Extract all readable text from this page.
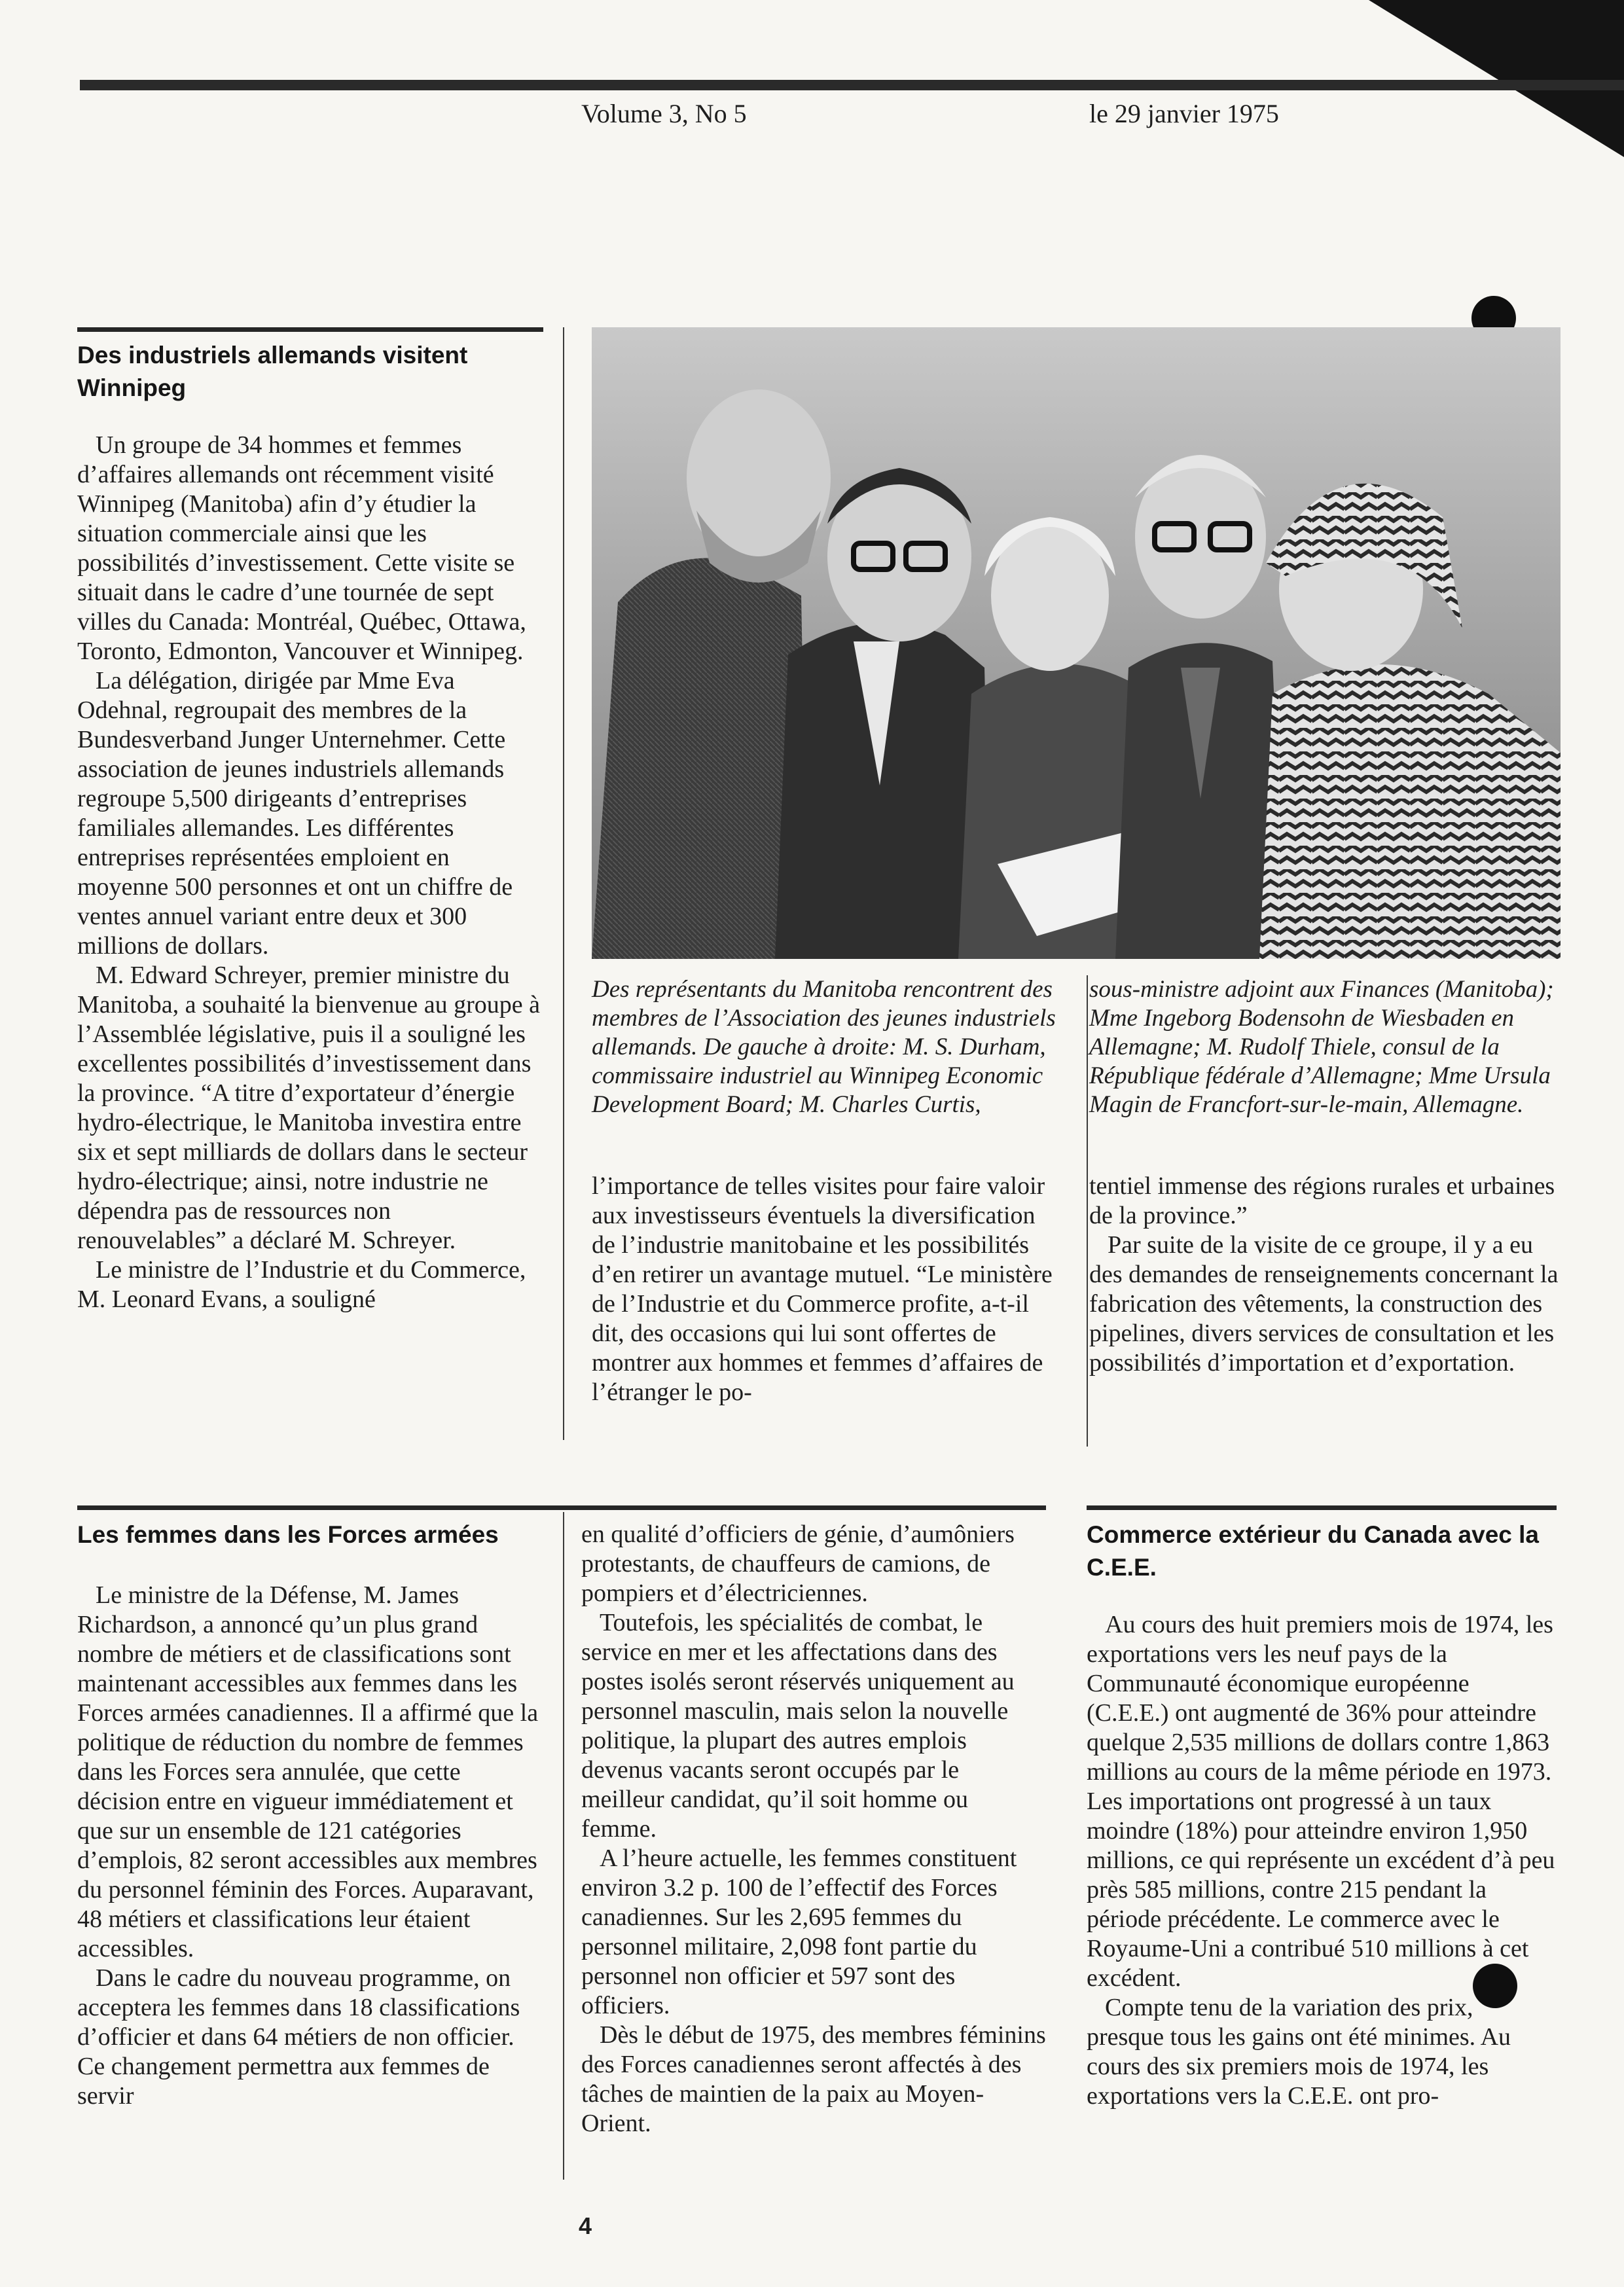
Volume 3, No 5	le 29 janvier 1975
Des industriels allemands visitent Winnipeg

Un groupe de 34 hommes et femmes d’affaires allemands ont récemment visité Winnipeg (Manitoba) afin d’y étudier la situation commerciale ainsi que les possibilités d’investissement. Cette visite se situait dans le cadre d’une tournée de sept villes du Canada: Montréal, Québec, Ottawa, Toronto, Edmonton, Vancouver et Winnipeg.

La délégation, dirigée par Mme Eva Odehnal, regroupait des membres de la Bundesverband Junger Unternehmer. Cette association de jeunes industriels allemands regroupe 5,500 dirigeants d’entreprises familiales allemandes. Les différentes entreprises représentées emploient en moyenne 500 personnes et ont un chiffre de ventes annuel variant entre deux et 300 millions de dollars.

M. Edward Schreyer, premier ministre du Manitoba, a souhaité la bienvenue au groupe à l’Assemblée législative, puis il a souligné les excellentes possibilités d’investissement dans la province. “A titre d’exportateur d’énergie hydro-électrique, le Manitoba investira entre six et sept milliards de dollars dans le secteur hydro-électrique; ainsi, notre industrie ne dépendra pas de ressources non renouvelables” a déclaré M. Schreyer.

Le ministre de l’Industrie et du Commerce, M. Leonard Evans, a souligné

Des représentants du Manitoba rencontrent des membres de l’Association des jeunes industriels allemands. De gauche à droite: M. S. Durham, commissaire industriel au Winnipeg Economic Development Board; M. Charles Curtis,
sous-ministre adjoint aux Finances (Manitoba); Mme Ingeborg Bodensohn de Wiesbaden en Allemagne; M. Rudolf Thiele, consul de la République fédérale d’Allemagne; Mme Ursula Magin de Francfort-sur-le-main, Allemagne.

l’importance de telles visites pour faire valoir aux investisseurs éventuels la diversification de l’industrie manitobaine et les possibilités d’en retirer un avantage mutuel. “Le ministère de l’Industrie et du Commerce profite, a-t-il dit, des occasions qui lui sont offertes de montrer aux hommes et femmes d’affaires de l’étranger le po-

tentiel immense des régions rurales et urbaines de la province.”

Par suite de la visite de ce groupe, il y a eu des demandes de renseignements concernant la fabrication des vêtements, la construction des pipelines, divers services de consultation et les possibilités d’importation et d’exportation.

Les femmes dans les Forces armées

Le ministre de la Défense, M. James Richardson, a annoncé qu’un plus grand nombre de métiers et de classifications sont maintenant accessibles aux femmes dans les Forces armées canadiennes. Il a affirmé que la politique de réduction du nombre de femmes dans les Forces sera annulée, que cette décision entre en vigueur immédiatement et que sur un ensemble de 121 catégories d’emplois, 82 seront accessibles aux membres du personnel féminin des Forces. Auparavant, 48 métiers et classifications leur étaient accessibles.

Dans le cadre du nouveau programme, on acceptera les femmes dans 18 classifications d’officier et dans 64 métiers de non officier. Ce changement permettra aux femmes de servir

en qualité d’officiers de génie, d’aumôniers protestants, de chauffeurs de camions, de pompiers et d’électriciennes.

Toutefois, les spécialités de combat, le service en mer et les affectations dans des postes isolés seront réservés uniquement au personnel masculin, mais selon la nouvelle politique, la plupart des autres emplois devenus vacants seront occupés par le meilleur candidat, qu’il soit homme ou femme.

A l’heure actuelle, les femmes constituent environ 3.2 p. 100 de l’effectif des Forces canadiennes. Sur les 2,695 femmes du personnel militaire, 2,098 font partie du personnel non officier et 597 sont des officiers.

Dès le début de 1975, des membres féminins des Forces canadiennes seront affectés à des tâches de maintien de la paix au Moyen-Orient.

Commerce extérieur du Canada avec la C.E.E.

Au cours des huit premiers mois de 1974, les exportations vers les neuf pays de la Communauté économique européenne (C.E.E.) ont augmenté de 36% pour atteindre quelque 2,535 millions de dollars contre 1,863 millions au cours de la même période en 1973. Les importations ont progressé à un taux moindre (18%) pour atteindre environ 1,950 millions, ce qui représente un excédent d’à peu près 585 millions, contre 215 pendant la période précédente. Le commerce avec le Royaume-Uni a contribué 510 millions à cet excédent.

Compte tenu de la variation des prix, presque tous les gains ont été minimes. Au cours des six premiers mois de 1974, les exportations vers la C.E.E. ont pro-

4
